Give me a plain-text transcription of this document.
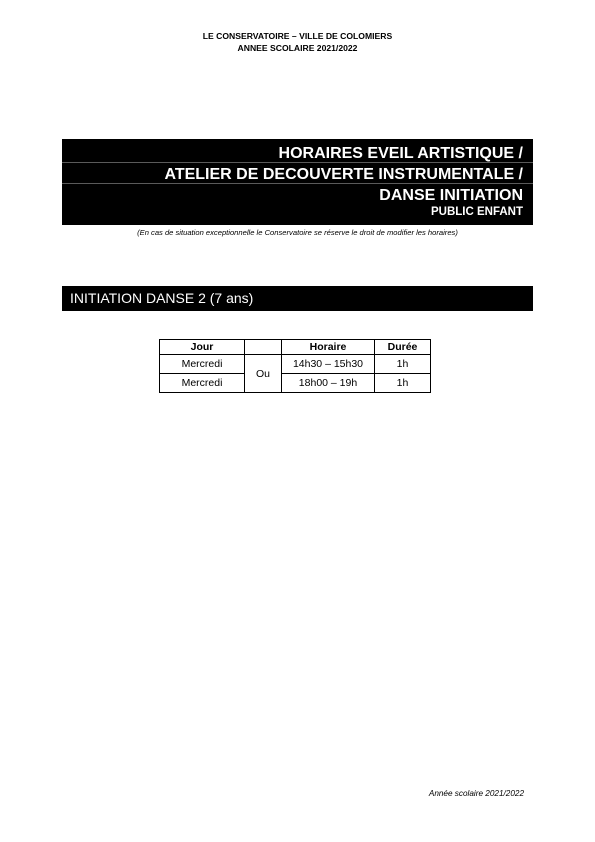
LE CONSERVATOIRE – VILLE DE COLOMIERS
ANNEE SCOLAIRE 2021/2022
HORAIRES EVEIL ARTISTIQUE /
ATELIER DE DECOUVERTE INSTRUMENTALE /
DANSE INITIATION
PUBLIC ENFANT
(En cas de situation exceptionnelle le Conservatoire se réserve le droit de modifier les horaires)
INITIATION DANSE 2 (7 ans)
Jour		Horaire	Durée
Mercredi	Ou	14h30 – 15h30	1h
Mercredi		18h00 – 19h	1h
Année scolaire 2021/2022
